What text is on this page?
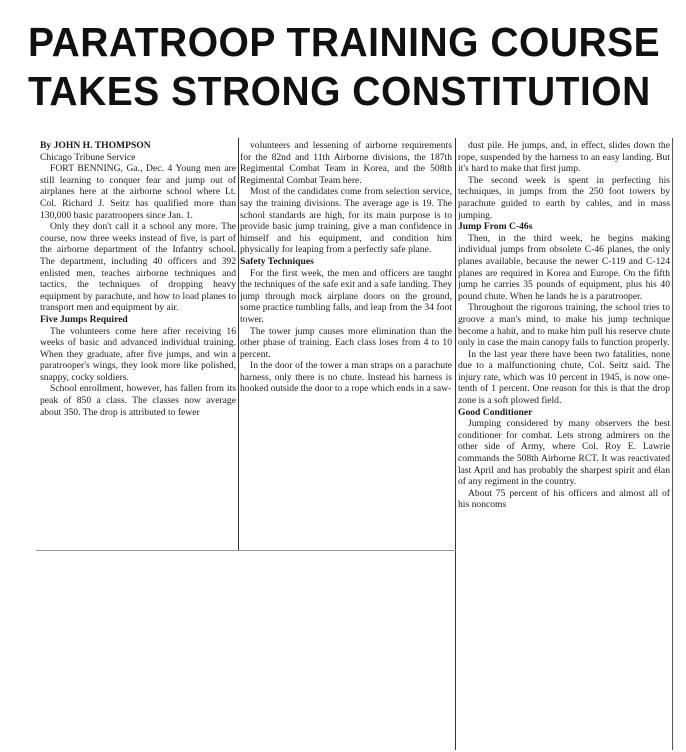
PARATROOP TRAINING COURSE
TAKES STRONG CONSTITUTION

By JOHN H. THOMPSON

Chicago Tribune Service

FORT BENNING, Ga., Dec. 4 Young men are still learning to conquer fear and jump out of airplanes here at the airborne school where Lt. Col. Richard J. Seitz has qualified more than 130,000 basic paratroopers since Jan. 1.

Only they don't call it a school any more. The course, now three weeks instead of five, is part of the airborne department of the Infantry school. The department, including 40 officers and 392 enlisted men, teaches airborne techniques and tactics, the techniques of dropping heavy equipment by parachute, and how to load planes to transport men and equipment by air.

Five Jumps Required

The volunteers come here after receiving 16 weeks of basic and advanced individual training. When they graduate, after five jumps, and win a paratrooper's wings, they look more like polished, snappy, cocky soldiers.

School enrollment, however, has fallen from its peak of 850 a class. The classes now average about 350. The drop is attributed to fewer

volunteers and lessening of airborne requirements for the 82nd and 11th Airborne divisions, the 187th Regimental Combat Team in Korea, and the 508th Regimental Combat Team here.

Most of the candidates come from selection service, say the training divisions. The average age is 19. The school standards are high, for its main purpose is to provide basic jump training, give a man confidence in himself and his equipment, and condition him physically for leaping from a perfectly safe plane.

Safety Techniques

For the first week, the men and officers are taught the techniques of the safe exit and a safe landing. They jump through mock airplane doors on the ground, some practice tumbling falls, and leap from the 34 foot tower.

The tower jump causes more elimination than the other phase of training. Each class loses from 4 to 10 percent.

In the door of the tower a man straps on a parachute harness, only there is no chute. Instead his harness is hooked outside the door to a rope which ends in a saw-

dust pile. He jumps, and, in effect, slides down the rope, suspended by the harness to an easy landing. But it's hard to make that first jump.

The second week is spent in perfecting his techniques, in jumps from the 250 foot towers by parachute guided to earth by cables, and in mass jumping.

Jump From C-46s

Then, in the third week, he begins making individual jumps from obsolete C-46 planes, the only planes available, because the newer C-119 and C-124 planes are required in Korea and Europe. On the fifth jump he carries 35 pounds of equipment, plus his 40 pound chute. When he lands he is a paratrooper.

Throughout the rigorous training, the school tries to groove a man's mind, to make his jump technique become a habit, and to make him pull his reserve chute only in case the main canopy fails to function properly.

In the last year there have been two fatalities, none due to a malfunctioning chute, Col. Seitz said. The injury rate, which was 10 percent in 1945, is now one-tenth of 1 percent. One reason for this is that the drop zone is a soft plowed field.

Good Conditioner

Jumping considered by many observers the best conditioner for combat. Lets strong admirers on the other side of Army, where Col. Roy E. Lawrie commands the 508th Airborne RCT. It was reactivated last April and has probably the sharpest spirit and élan of any regiment in the country.

About 75 percent of his officers and almost all of his noncoms
